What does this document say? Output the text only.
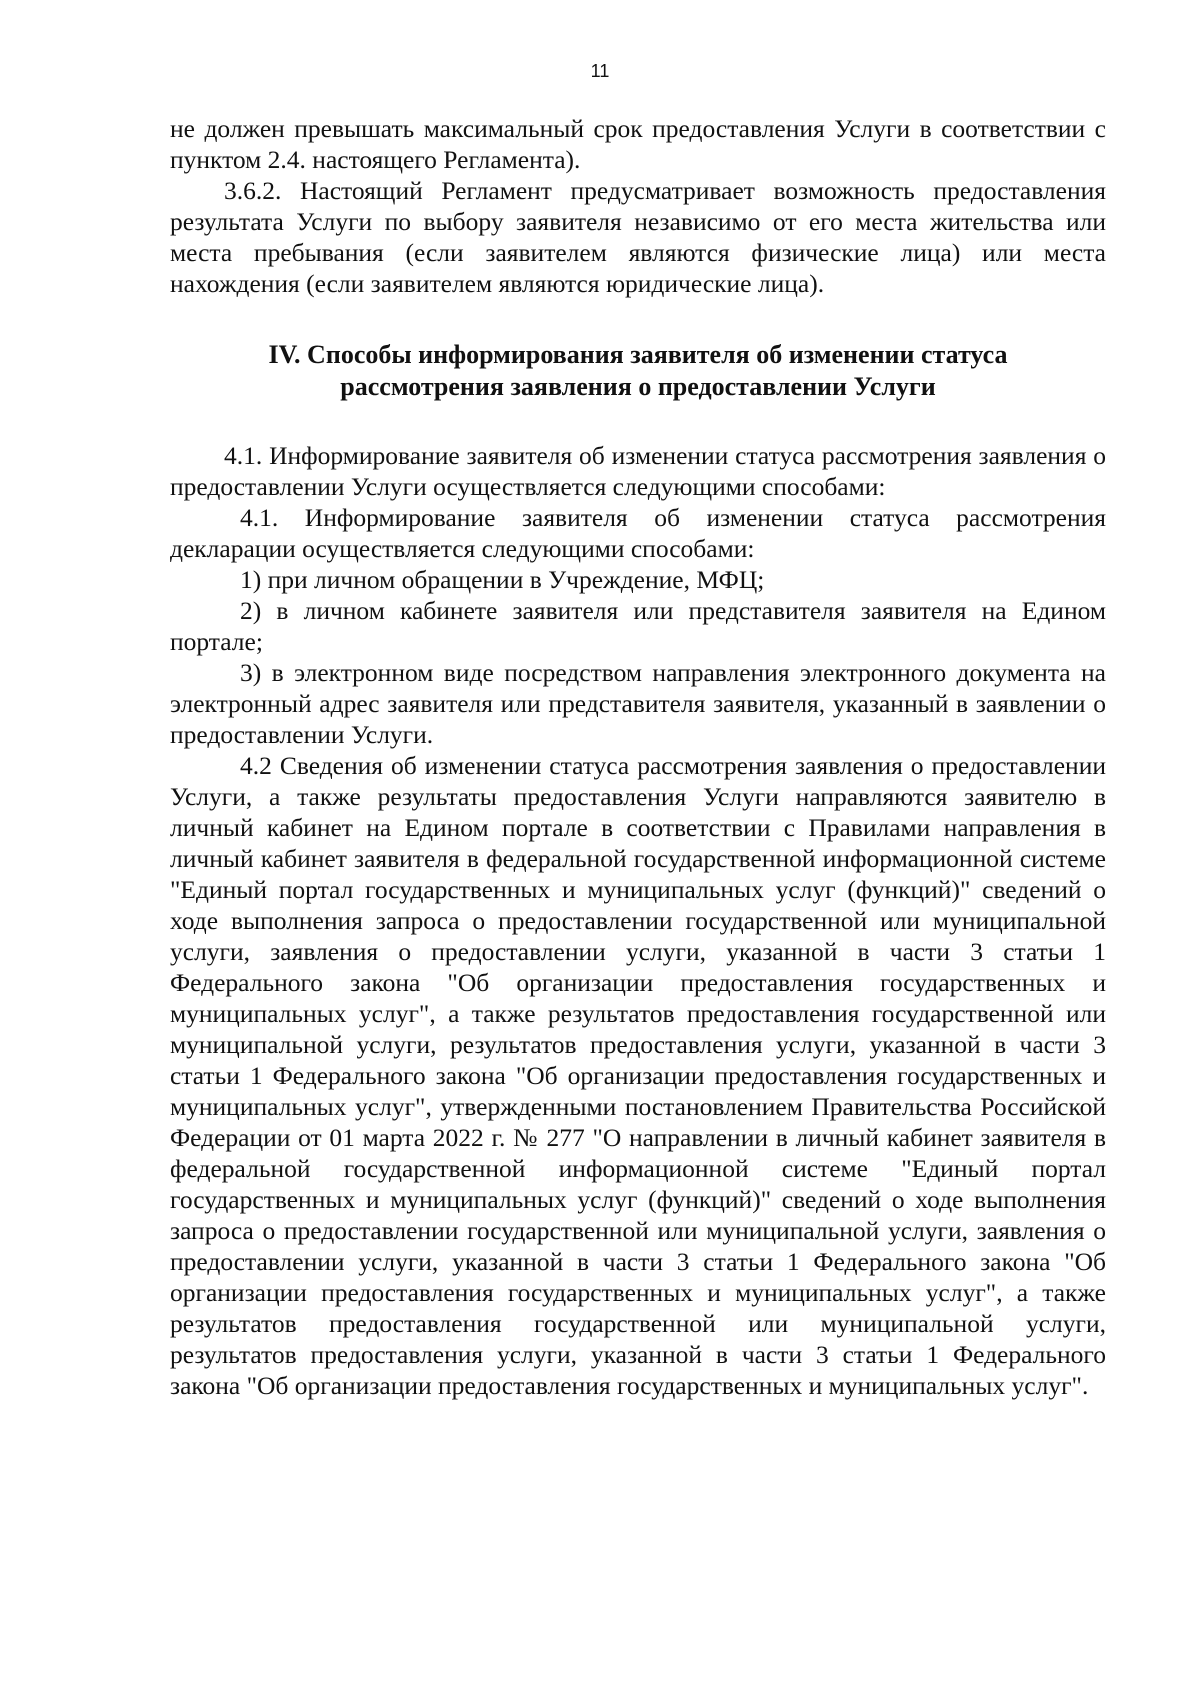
11

не должен превышать максимальный срок предоставления Услуги в соответствии с пунктом 2.4. настоящего Регламента).

3.6.2. Настоящий Регламент предусматривает возможность предоставления результата Услуги по выбору заявителя независимо от его места жительства или места пребывания (если заявителем являются физические лица) или места нахождения (если заявителем являются юридические лица).

IV. Способы информирования заявителя об изменении статуса
рассмотрения заявления о предоставлении Услуги

4.1. Информирование заявителя об изменении статуса рассмотрения заявления о предоставлении Услуги осуществляется следующими способами:

4.1. Информирование заявителя об изменении статуса рассмотрения декларации осуществляется следующими способами:

1) при личном обращении в Учреждение, МФЦ;

2) в личном кабинете заявителя или представителя заявителя на Едином портале;

3) в электронном виде посредством направления электронного документа на электронный адрес заявителя или представителя заявителя, указанный в заявлении о предоставлении Услуги.

4.2 Сведения об изменении статуса рассмотрения заявления о предоставлении Услуги, а также результаты предоставления Услуги направляются заявителю в личный кабинет на Едином портале в соответствии с Правилами направления в личный кабинет заявителя в федеральной государственной информационной системе "Единый портал государственных и муниципальных услуг (функций)" сведений о ходе выполнения запроса о предоставлении государственной или муниципальной услуги, заявления о предоставлении услуги, указанной в части 3 статьи 1 Федерального закона "Об организации предоставления государственных и муниципальных услуг", а также результатов предоставления государственной или муниципальной услуги, результатов предоставления услуги, указанной в части 3 статьи 1 Федерального закона "Об организации предоставления государственных и муниципальных услуг", утвержденными постановлением Правительства Российской Федерации от 01 марта 2022 г. № 277 "О направлении в личный кабинет заявителя в федеральной государственной информационной системе "Единый портал государственных и муниципальных услуг (функций)" сведений о ходе выполнения запроса о предоставлении государственной или муниципальной услуги, заявления о предоставлении услуги, указанной в части 3 статьи 1 Федерального закона "Об организации предоставления государственных и муниципальных услуг", а также результатов предоставления государственной или муниципальной услуги, результатов предоставления услуги, указанной в части 3 статьи 1 Федерального закона "Об организации предоставления государственных и муниципальных услуг".
